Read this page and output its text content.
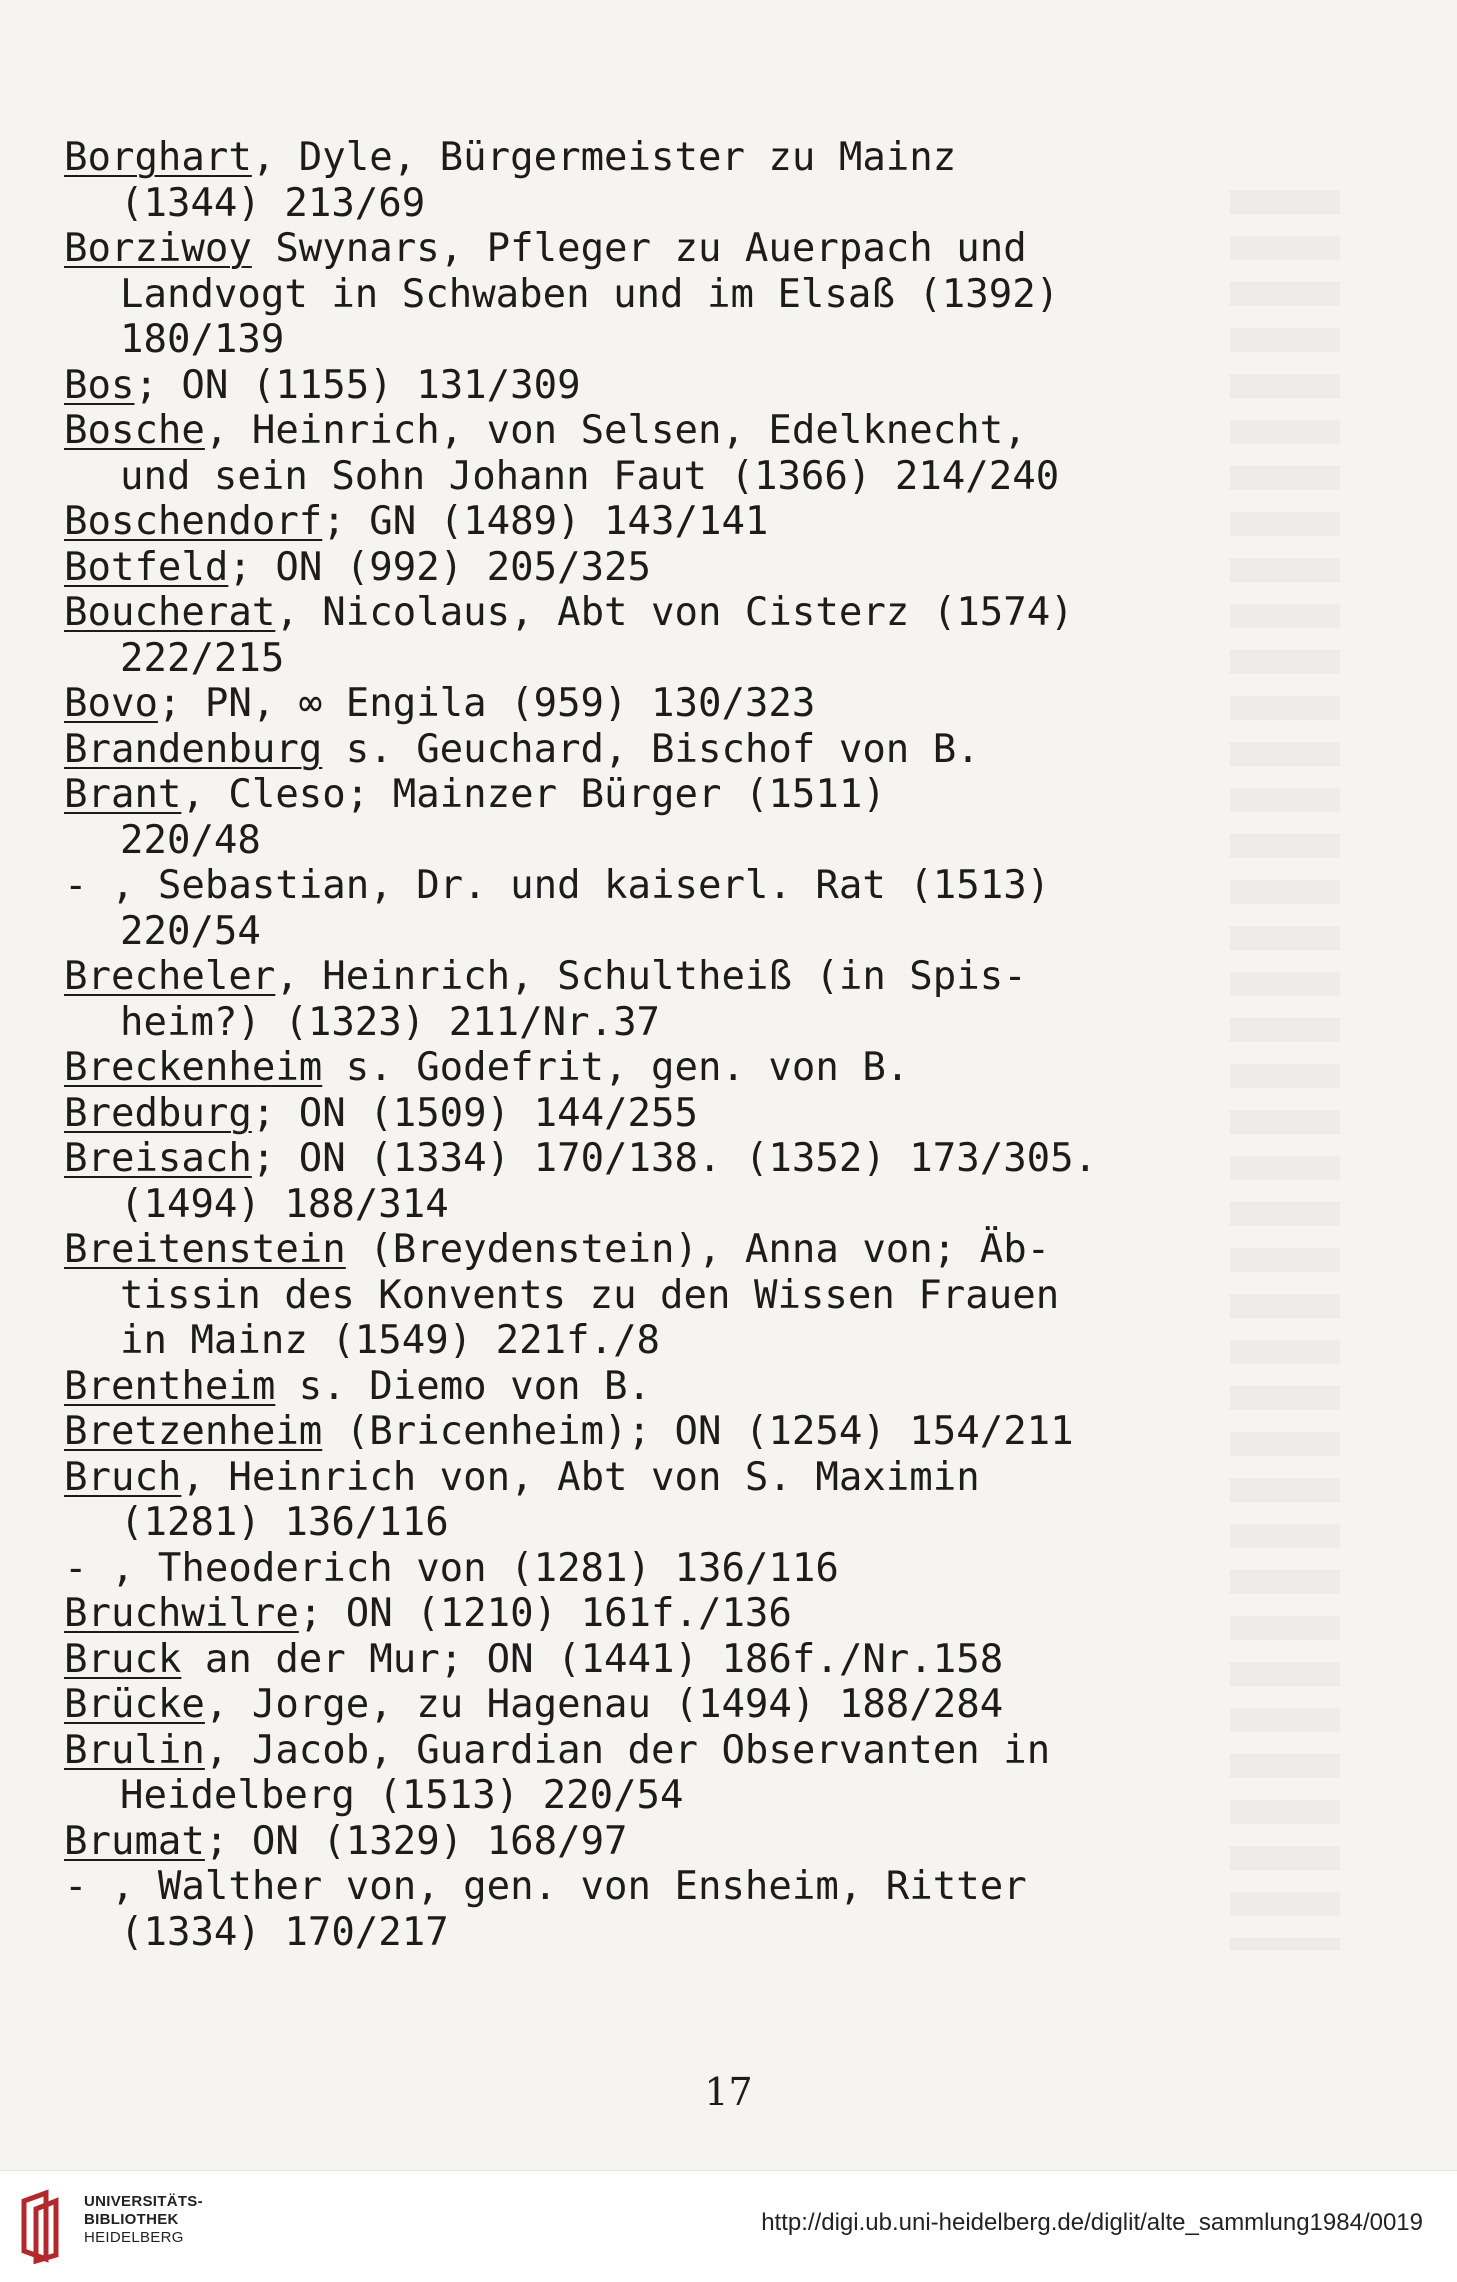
Borghart, Dyle, Bürgermeister zu Mainz
(1344) 213/69
Borziwoy Swynars, Pfleger zu Auerpach und
Landvogt in Schwaben und im Elsaß (1392)
180/139
Bos; ON (1155) 131/309
Bosche, Heinrich, von Selsen, Edelknecht,
und sein Sohn Johann Faut (1366) 214/240
Boschendorf; GN (1489) 143/141
Botfeld; ON (992) 205/325
Boucherat, Nicolaus, Abt von Cisterz (1574)
222/215
Bovo; PN, ∞ Engila (959) 130/323
Brandenburg s. Geuchard, Bischof von B.
Brant, Cleso; Mainzer Bürger (1511)
220/48
- , Sebastian, Dr. und kaiserl. Rat (1513)
220/54
Brecheler, Heinrich, Schultheiß (in Spis-
heim?) (1323) 211/Nr.37
Breckenheim s. Godefrit, gen. von B.
Bredburg; ON (1509) 144/255
Breisach; ON (1334) 170/138. (1352) 173/305.
(1494) 188/314
Breitenstein (Breydenstein), Anna von; Äb-
tissin des Konvents zu den Wissen Frauen
in Mainz (1549) 221f./8
Brentheim s. Diemo von B.
Bretzenheim (Bricenheim); ON (1254) 154/211
Bruch, Heinrich von, Abt von S. Maximin
(1281) 136/116
- , Theoderich von (1281) 136/116
Bruchwilre; ON (1210) 161f./136
Bruck an der Mur; ON (1441) 186f./Nr.158
Brücke, Jorge, zu Hagenau (1494) 188/284
Brulin, Jacob, Guardian der Observanten in
Heidelberg (1513) 220/54
Brumat; ON (1329) 168/97
- , Walther von, gen. von Ensheim, Ritter
(1334) 170/217
17
UNIVERSITÄTS-
BIBLIOTHEK
HEIDELBERG
http://digi.ub.uni-heidelberg.de/diglit/alte_sammlung1984/0019
